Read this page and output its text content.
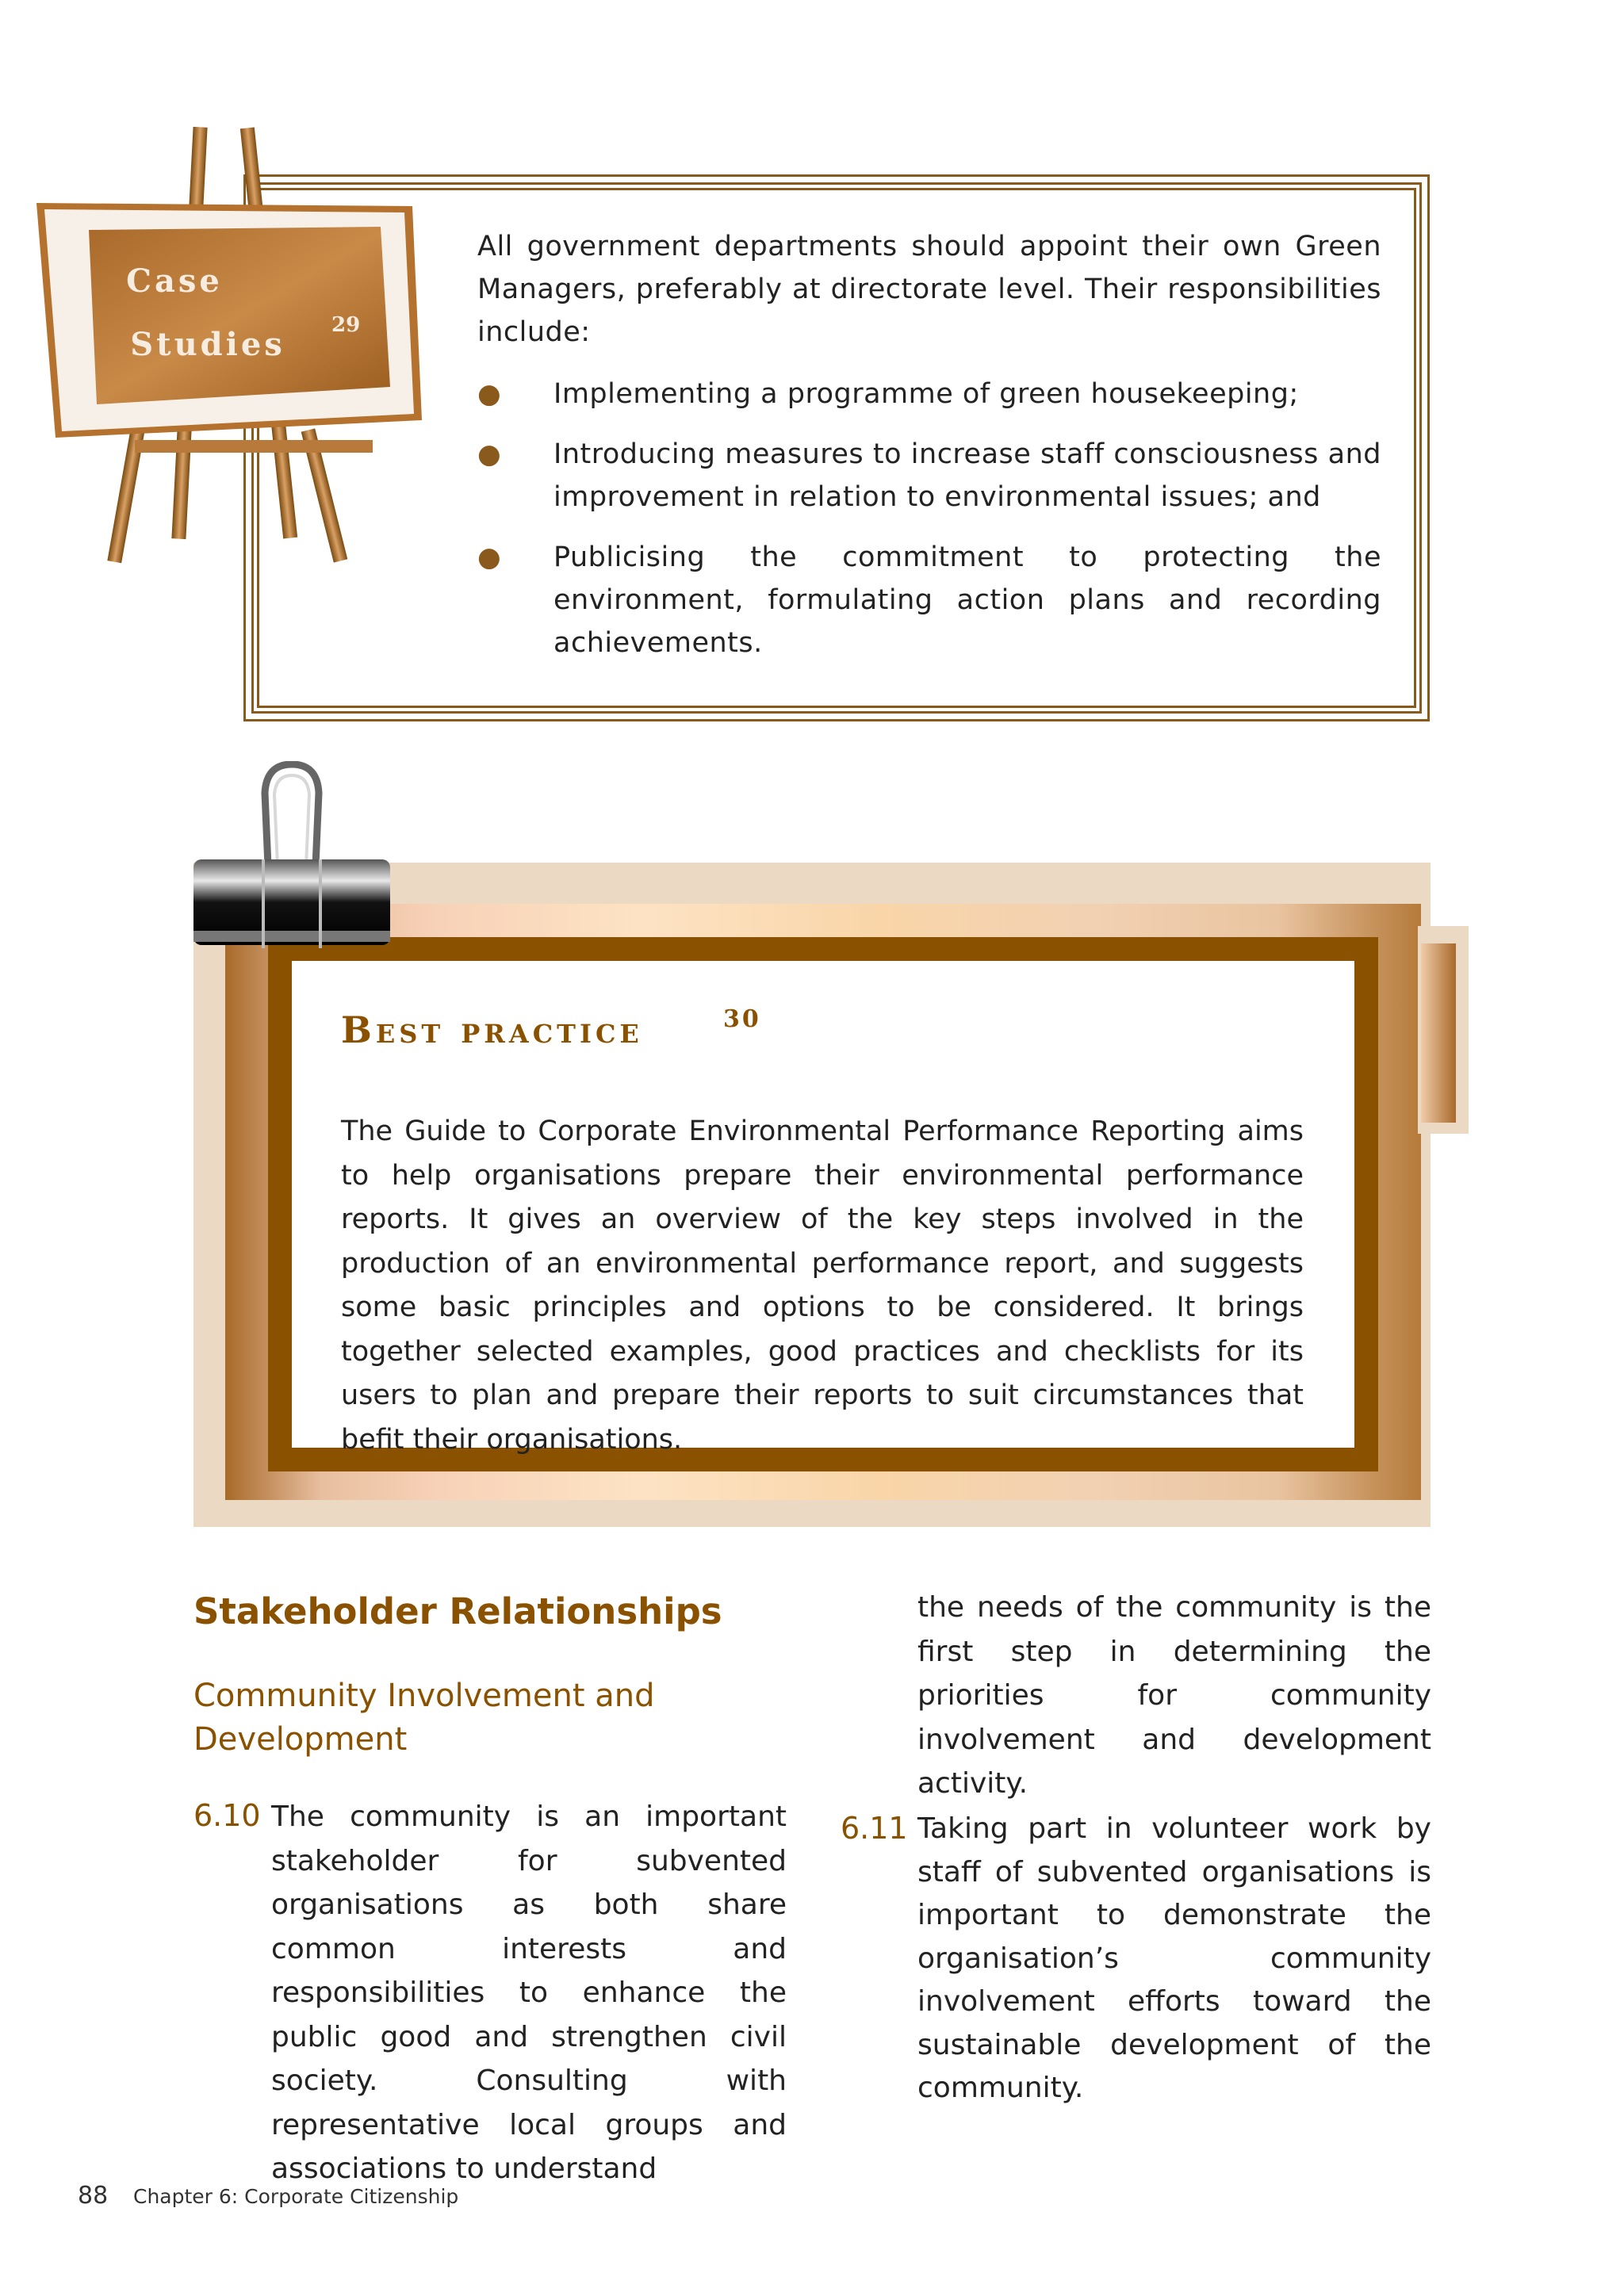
Case
Studies
29
All government departments should appoint their own Green Managers, preferably at directorate level. Their responsibilities include:
● Implementing a programme of green housekeeping;
● Introducing measures to increase staff consciousness and improvement in relation to environmental issues; and
● Publicising the commitment to protecting the environment, formulating action plans and recording achievements.
Best practice	30
The Guide to Corporate Environmental Performance Reporting aims to help organisations prepare their environmental performance reports. It gives an overview of the key steps involved in the production of an environmental performance report, and suggests some basic principles and options to be considered. It brings together selected examples, good practices and checklists for its users to plan and prepare their reports to suit circumstances that befit their organisations.
Stakeholder Relationships
Community Involvement and Development
6.10 The community is an important stakeholder for subvented organisations as both share common interests and responsibilities to enhance the public good and strengthen civil society. Consulting with representative local groups and associations to understand
the needs of the community is the first step in determining the priorities for community involvement and development activity.
6.11 Taking part in volunteer work by staff of subvented organisations is important to demonstrate the organisation’s community involvement efforts toward the sustainable development of the community.
88 Chapter 6: Corporate Citizenship
